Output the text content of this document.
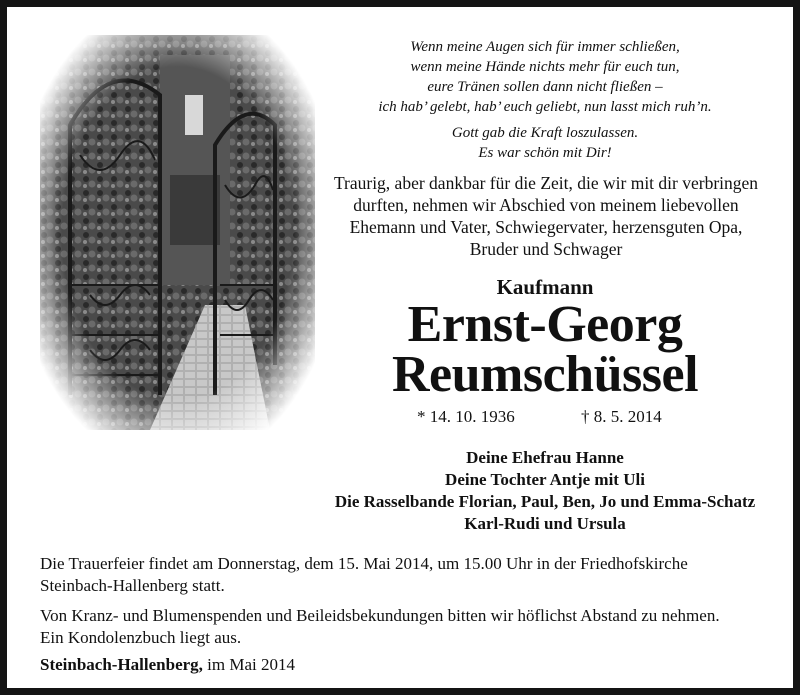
Wenn meine Augen sich für immer schließen,
wenn meine Hände nichts mehr für euch tun,
eure Tränen sollen dann nicht fließen –
ich hab’ gelebt, hab’ euch geliebt, nun lasst mich ruh’n.
Gott gab die Kraft loszulassen.
Es war schön mit Dir!
Traurig, aber dankbar für die Zeit, die wir mit dir verbringen
durften, nehmen wir Abschied von meinem liebevollen
Ehemann und Vater, Schwiegervater, herzensguten Opa,
Bruder und Schwager
Kaufmann
Ernst-Georg
Reumschüssel
* 14. 10. 1936	† 8. 5. 2014
Deine Ehefrau Hanne
Deine Tochter Antje mit Uli
Die Rasselbande Florian, Paul, Ben, Jo und Emma-Schatz
Karl-Rudi und Ursula

Die Trauerfeier findet am Donnerstag, dem 15. Mai 2014, um 15.00 Uhr in der Friedhofskirche
Steinbach-Hallenberg statt.

Von Kranz- und Blumenspenden und Beileidsbekundungen bitten wir höflichst Abstand zu nehmen.
Ein Kondolenzbuch liegt aus.

Steinbach-Hallenberg, im Mai 2014
